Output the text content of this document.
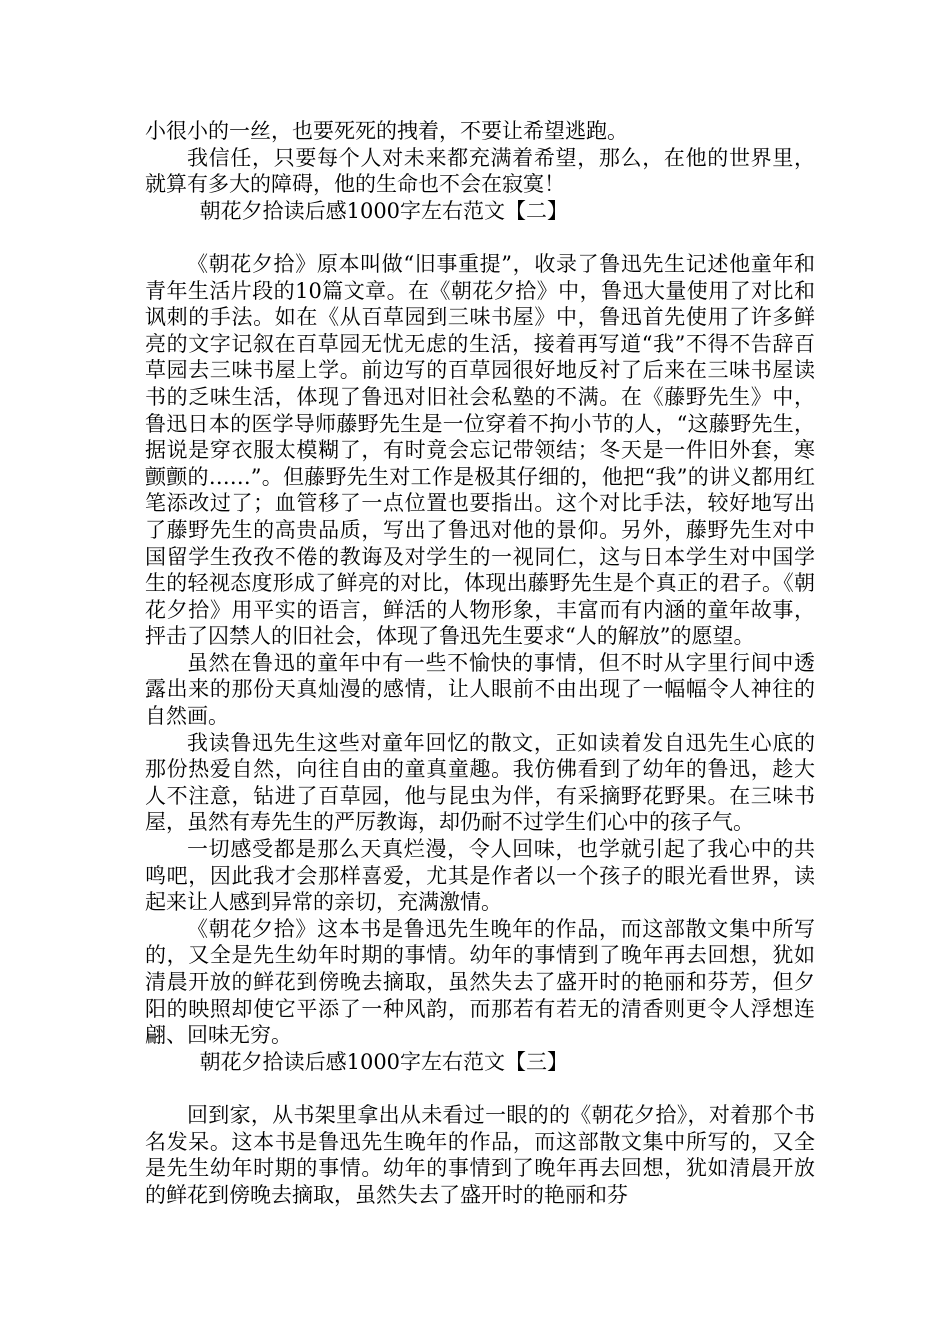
小很小的一丝，也要死死的拽着，不要让希望逃跑。

我信任，只要每个人对未来都充满着希望，那么，在他的世界里，就算有多大的障碍，他的生命也不会在寂寞！

朝花夕拾读后感1000字左右范文【二】

《朝花夕拾》原本叫做“旧事重提”，收录了鲁迅先生记述他童年和青年生活片段的10篇文章。在《朝花夕拾》中，鲁迅大量使用了对比和讽刺的手法。如在《从百草园到三味书屋》中，鲁迅首先使用了许多鲜亮的文字记叙在百草园无忧无虑的生活，接着再写道“我”不得不告辞百草园去三味书屋上学。前边写的百草园很好地反衬了后来在三味书屋读书的乏味生活，体现了鲁迅对旧社会私塾的不满。在《藤野先生》中，鲁迅日本的医学导师藤野先生是一位穿着不拘小节的人，“这藤野先生，据说是穿衣服太模糊了，有时竟会忘记带领结；冬天是一件旧外套，寒颤颤的……”。但藤野先生对工作是极其仔细的，他把“我”的讲义都用红笔添改过了；血管移了一点位置也要指出。这个对比手法，较好地写出了藤野先生的高贵品质，写出了鲁迅对他的景仰。另外，藤野先生对中国留学生孜孜不倦的教诲及对学生的一视同仁，这与日本学生对中国学生的轻视态度形成了鲜亮的对比，体现出藤野先生是个真正的君子。《朝花夕拾》用平实的语言，鲜活的人物形象，丰富而有内涵的童年故事，抨击了囚禁人的旧社会，体现了鲁迅先生要求“人的解放”的愿望。

虽然在鲁迅的童年中有一些不愉快的事情，但不时从字里行间中透露出来的那份天真灿漫的感情，让人眼前不由出现了一幅幅令人神往的自然画。

我读鲁迅先生这些对童年回忆的散文，正如读着发自迅先生心底的那份热爱自然，向往自由的童真童趣。我仿佛看到了幼年的鲁迅，趁大人不注意，钻进了百草园，他与昆虫为伴，有采摘野花野果。在三味书屋，虽然有寿先生的严厉教诲，却仍耐不过学生们心中的孩子气。

一切感受都是那么天真烂漫，令人回味，也学就引起了我心中的共鸣吧，因此我才会那样喜爱，尤其是作者以一个孩子的眼光看世界，读起来让人感到异常的亲切，充满激情。

《朝花夕拾》这本书是鲁迅先生晚年的作品，而这部散文集中所写的，又全是先生幼年时期的事情。幼年的事情到了晚年再去回想，犹如清晨开放的鲜花到傍晚去摘取，虽然失去了盛开时的艳丽和芬芳，但夕阳的映照却使它平添了一种风韵，而那若有若无的清香则更令人浮想连翩、回味无穷。

朝花夕拾读后感1000字左右范文【三】

回到家，从书架里拿出从未看过一眼的的《朝花夕拾》，对着那个书名发呆。这本书是鲁迅先生晚年的作品，而这部散文集中所写的，又全是先生幼年时期的事情。幼年的事情到了晚年再去回想，犹如清晨开放的鲜花到傍晚去摘取，虽然失去了盛开时的艳丽和芬
